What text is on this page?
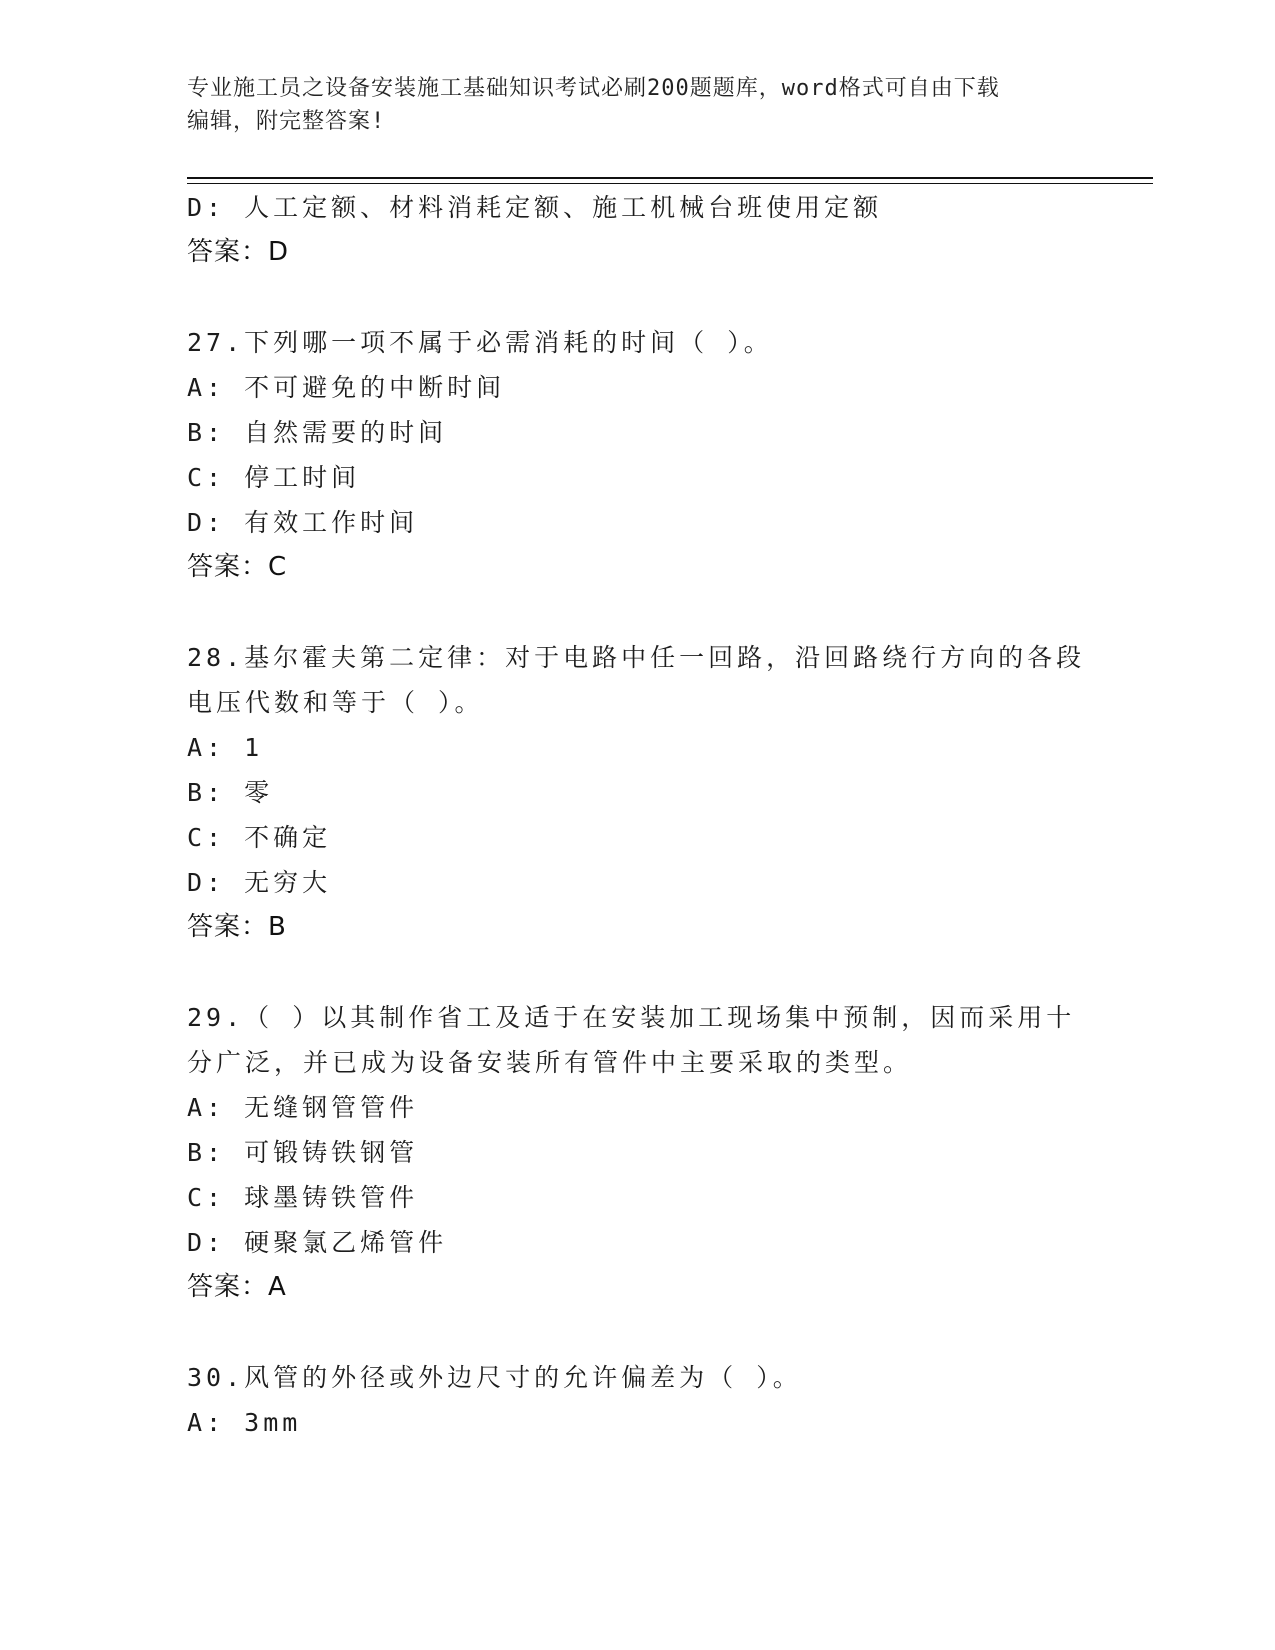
专业施工员之设备安装施工基础知识考试必刷200题题库，word格式可自由下载
编辑，附完整答案!
D: 人工定额、材料消耗定额、施工机械台班使用定额
答案：D
27.下列哪一项不属于必需消耗的时间（ ）。
A: 不可避免的中断时间
B: 自然需要的时间
C: 停工时间
D: 有效工作时间
答案：C
28.基尔霍夫第二定律：对于电路中任一回路，沿回路绕行方向的各段
电压代数和等于（ ）。
A: 1
B: 零
C: 不确定
D: 无穷大
答案：B
29.（ ）以其制作省工及适于在安装加工现场集中预制，因而采用十
分广泛，并已成为设备安装所有管件中主要采取的类型。
A: 无缝钢管管件
B: 可锻铸铁钢管
C: 球墨铸铁管件
D: 硬聚氯乙烯管件
答案：A
30.风管的外径或外边尺寸的允许偏差为（ ）。
A: 3mm
